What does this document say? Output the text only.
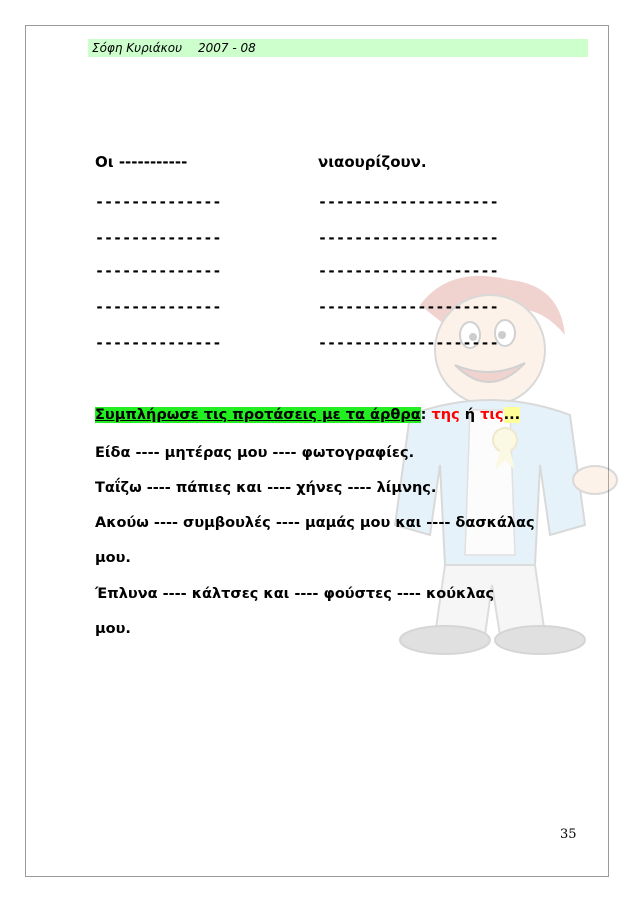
Σόφη Κυριάκου 2007 - 08
Οι -----------	νιαουρίζουν.
--------------	--------------------
--------------	--------------------
--------------	--------------------
--------------	--------------------
--------------	--------------------
Συμπλήρωσε τις προτάσεις με τα άρθρα: της ή τις...
Είδα ---- μητέρας μου ---- φωτογραφίες.
Ταΐζω ---- πάπιες και ---- χήνες ---- λίμνης.
Ακούω ---- συμβουλές ---- μαμάς μου και ---- δασκάλας
μου.
Έπλυνα ---- κάλτσες και ---- φούστες ---- κούκλας
μου.
35
